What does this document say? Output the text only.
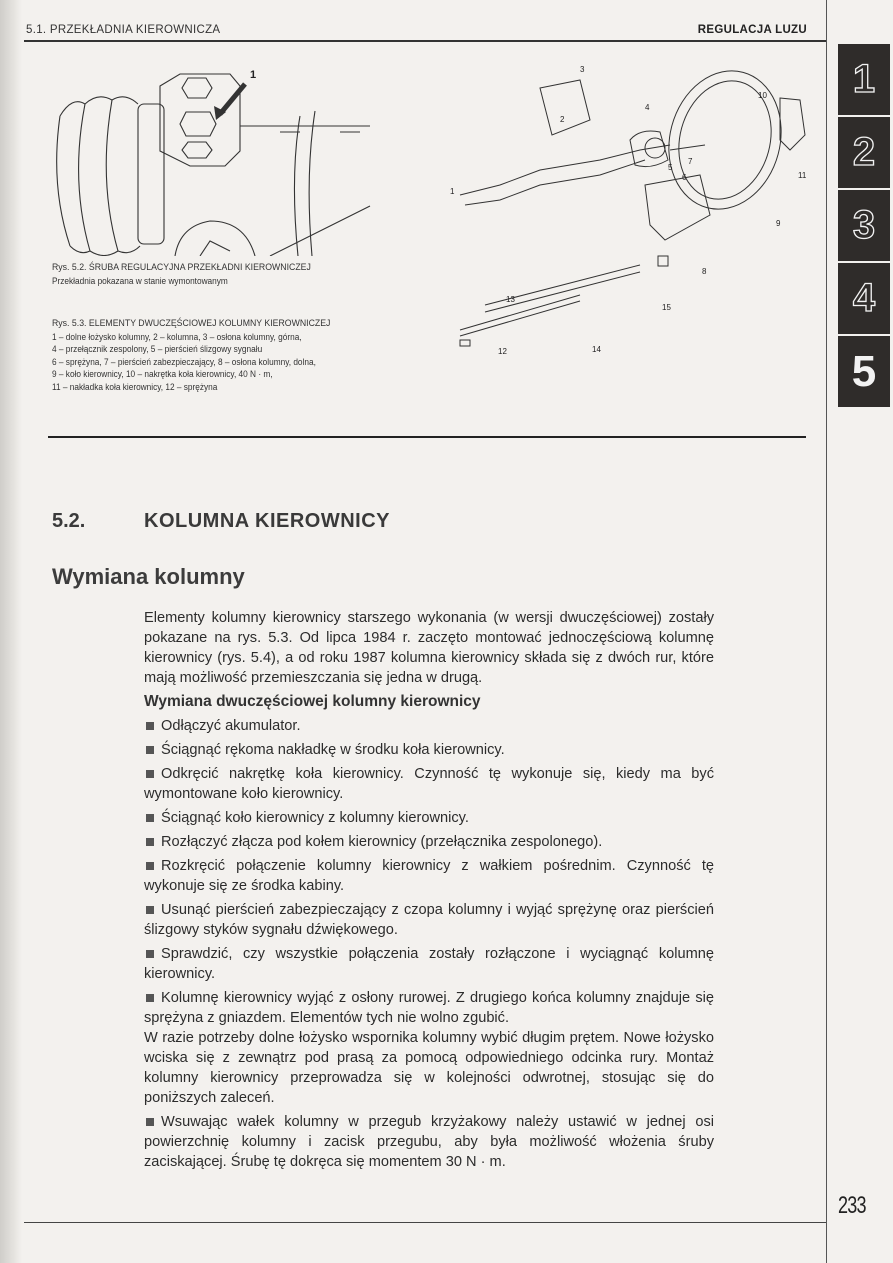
5.1. PRZEKŁADNIA KIEROWNICZA	REGULACJA LUZU
1	3
2
4
5
6
7
8
9
10
11
12
13
14
15
1
Rys. 5.2. ŚRUBA REGULACYJNA PRZEKŁADNI KIEROWNICZEJ
Przekładnia pokazana w stanie wymontowanym
Rys. 5.3. ELEMENTY DWUCZĘŚCIOWEJ KOLUMNY KIEROWNICZEJ
1 – dolne łożysko kolumny, 2 – kolumna, 3 – osłona kolumny, górna,
4 – przełącznik zespolony, 5 – pierścień ślizgowy sygnału
6 – sprężyna, 7 – pierścień zabezpieczający, 8 – osłona kolumny, dolna,
9 – koło kierownicy, 10 – nakrętka koła kierownicy, 40 N · m,
11 – nakładka koła kierownicy, 12 – sprężyna
5.2.	KOLUMNA KIEROWNICY
Wymiana kolumny

Elementy kolumny kierownicy starszego wykonania (w wersji dwuczęściowej) zostały pokazane na rys. 5.3. Od lipca 1984 r. zaczęto montować jednoczęściową kolumnę kierownicy (rys. 5.4), a od roku 1987 kolumna kierownicy składa się z dwóch rur, które mają możliwość przemieszczania się jedna w drugą.

Wymiana dwuczęściowej kolumny kierownicy
Odłączyć akumulator.
Ściągnąć rękoma nakładkę w środku koła kierownicy.
Odkręcić nakrętkę koła kierownicy. Czynność tę wykonuje się, kiedy ma być wymontowane koło kierownicy.
Ściągnąć koło kierownicy z kolumny kierownicy.
Rozłączyć złącza pod kołem kierownicy (przełącznika zespolonego).
Rozkręcić połączenie kolumny kierownicy z wałkiem pośrednim. Czynność tę wykonuje się ze środka kabiny.
Usunąć pierścień zabezpieczający z czopa kolumny i wyjąć sprężynę oraz pierścień ślizgowy styków sygnału dźwiękowego.
Sprawdzić, czy wszystkie połączenia zostały rozłączone i wyciągnąć kolumnę kierownicy.
Kolumnę kierownicy wyjąć z osłony rurowej. Z drugiego końca kolumny znajduje się sprężyna z gniazdem. Elementów tych nie wolno zgubić.

W razie potrzeby dolne łożysko wspornika kolumny wybić długim prętem. Nowe łożysko wciska się z zewnątrz pod prasą za pomocą odpowiedniego odcinka rury. Montaż kolumny kierownicy przeprowadza się w kolejności odwrotnej, stosując się do poniższych zaleceń.

Wsuwając wałek kolumny w przegub krzyżakowy należy ustawić w jednej osi powierzchnię kolumny i zacisk przegubu, aby była możliwość włożenia śruby zaciskającej. Śrubę tę dokręca się momentem 30 N · m.
1
2
3
4
5
233
